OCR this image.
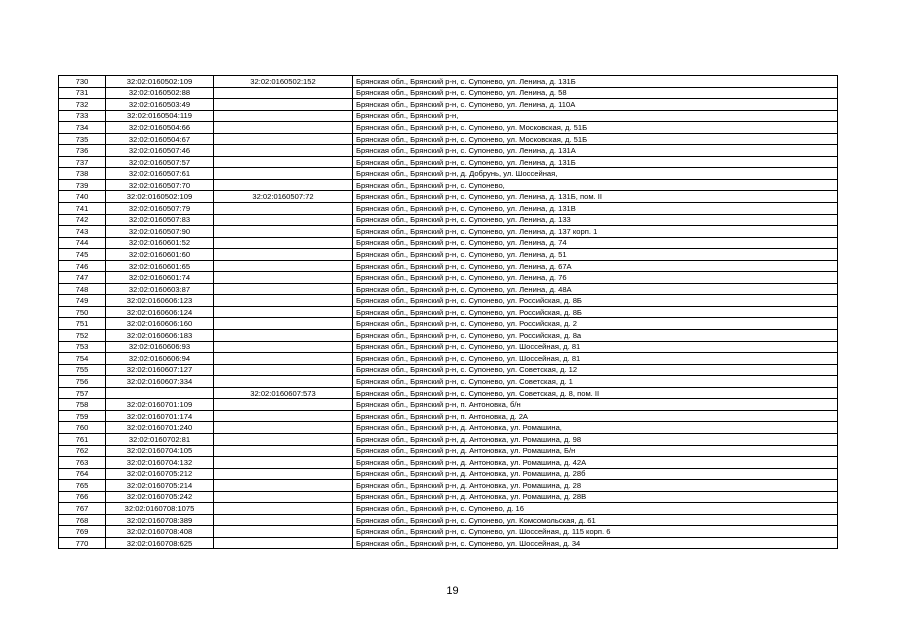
730	32:02:0160502:109	32:02:0160502:152	Брянская обл., Брянский р-н, с. Супонево, ул. Ленина, д. 131Б
731	32:02:0160502:88		Брянская обл., Брянский р-н, с. Супонево, ул. Ленина, д. 58
732	32:02:0160503:49		Брянская обл., Брянский р-н, с. Супонево, ул. Ленина, д. 110А
733	32:02:0160504:119		Брянская обл., Брянский р-н,
734	32:02:0160504:66		Брянская обл., Брянский р-н, с. Супонево, ул. Московская, д. 51Б
735	32:02:0160504:67		Брянская обл., Брянский р-н, с. Супонево, ул. Московская, д. 51Б
736	32:02:0160507:46		Брянская обл., Брянский р-н, с. Супонево, ул. Ленина, д. 131А
737	32:02:0160507:57		Брянская обл., Брянский р-н, с. Супонево, ул. Ленина, д. 131Б
738	32:02:0160507:61		Брянская обл., Брянский р-н, д. Добрунь, ул. Шоссейная,
739	32:02:0160507:70		Брянская обл., Брянский р-н, с. Супонево,
740	32:02:0160502:109	32:02:0160507:72	Брянская обл., Брянский р-н, с. Супонево, ул. Ленина, д. 131Б, пом. II
741	32:02:0160507:79		Брянская обл., Брянский р-н, с. Супонево, ул. Ленина, д. 131В
742	32:02:0160507:83		Брянская обл., Брянский р-н, с. Супонево, ул. Ленина, д. 133
743	32:02:0160507:90		Брянская обл., Брянский р-н, с. Супонево, ул. Ленина, д. 137 корп. 1
744	32:02:0160601:52		Брянская обл., Брянский р-н, с. Супонево, ул. Ленина, д. 74
745	32:02:0160601:60		Брянская обл., Брянский р-н, с. Супонево, ул. Ленина, д. 51
746	32:02:0160601:65		Брянская обл., Брянский р-н, с. Супонево, ул. Ленина, д. 67А
747	32:02:0160601:74		Брянская обл., Брянский р-н, с. Супонево, ул. Ленина, д. 76
748	32:02:0160603:87		Брянская обл., Брянский р-н, с. Супонево, ул. Ленина, д. 48А
749	32:02:0160606:123		Брянская обл., Брянский р-н, с. Супонево, ул. Российская, д. 8Б
750	32:02:0160606:124		Брянская обл., Брянский р-н, с. Супонево, ул. Российская, д. 8Б
751	32:02:0160606:160		Брянская обл., Брянский р-н, с. Супонево, ул. Российская, д. 2
752	32:02:0160606:183		Брянская обл., Брянский р-н, с. Супонево, ул. Российская, д. 8а
753	32:02:0160606:93		Брянская обл., Брянский р-н, с. Супонево, ул. Шоссейная, д. 81
754	32:02:0160606:94		Брянская обл., Брянский р-н, с. Супонево, ул. Шоссейная, д. 81
755	32:02:0160607:127		Брянская обл., Брянский р-н, с. Супонево, ул. Советская, д. 12
756	32:02:0160607:334		Брянская обл., Брянский р-н, с. Супонево, ул. Советская, д. 1
757		32:02:0160607:573	Брянская обл., Брянский р-н, с. Супонево, ул. Советская, д. 8, пом. II
758	32:02:0160701:109		Брянская обл., Брянский р-н, п. Антоновка, б/н
759	32:02:0160701:174		Брянская обл., Брянский р-н, п. Антоновка, д. 2А
760	32:02:0160701:240		Брянская обл., Брянский р-н, д. Антоновка, ул. Ромашина,
761	32:02:0160702:81		Брянская обл., Брянский р-н, д. Антоновка, ул. Ромашина, д. 98
762	32:02:0160704:105		Брянская обл., Брянский р-н, д. Антоновка, ул. Ромашина, Б/н
763	32:02:0160704:132		Брянская обл., Брянский р-н, д. Антоновка, ул. Ромашина, д. 42А
764	32:02:0160705:212		Брянская обл., Брянский р-н, д. Антоновка, ул. Ромашина, д. 28б
765	32:02:0160705:214		Брянская обл., Брянский р-н, д. Антоновка, ул. Ромашина, д. 28
766	32:02:0160705:242		Брянская обл., Брянский р-н, д. Антоновка, ул. Ромашина, д. 28В
767	32:02:0160708:1075		Брянская обл., Брянский р-н, с. Супонево, д. 16
768	32:02:0160708:389		Брянская обл., Брянский р-н, с. Супонево, ул. Комсомольская, д. 61
769	32:02:0160708:408		Брянская обл., Брянский р-н, с. Супонево, ул. Шоссейная, д. 115 корп. 6
770	32:02:0160708:625		Брянская обл., Брянский р-н, с. Супонево, ул. Шоссейная, д. 34
19
